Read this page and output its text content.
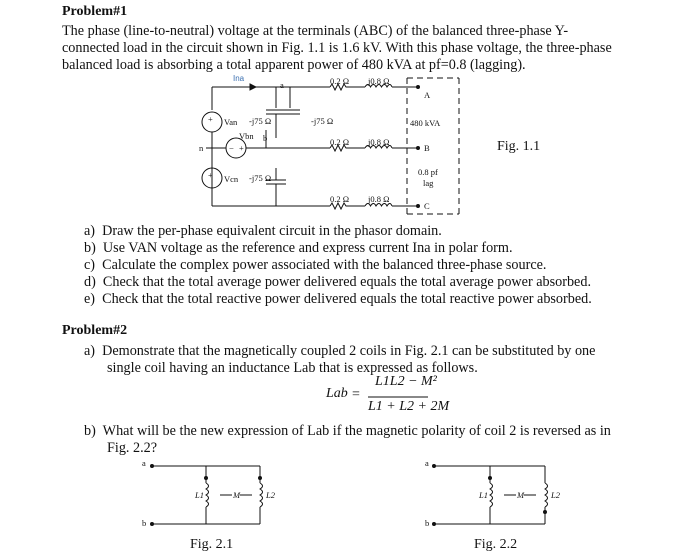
Problem#1
The phase (line-to-neutral) voltage at the terminals (ABC) of the balanced three-phase Y-
connected load in the circuit shown in Fig. 1.1 is 1.6 kV. With this phase voltage, the three-phase
balanced load is absorbing a total apparent power of 480 kVA at pf=0.8 (lagging).
Ina
a	0.2 Ω j0.8 Ω
A
Van -j75 Ω	-j75 Ω	480 kVA
Vbn b	0.2 Ω j0.8 Ω
B
n
+
+
−
Vcn -j75 Ω
+	0.8 pf
lag
0.2 Ω j0.8 Ω
C
Fig. 1.1
a) Draw the per-phase equivalent circuit in the phasor domain.
b) Use VAN voltage as the reference and express current Ina in polar form.
c) Calculate the complex power associated with the balanced three-phase source.
d) Check that the total average power delivered equals the total average power absorbed.
e) Check that the total reactive power delivered equals the total reactive power absorbed.
Problem#2
a) Demonstrate that the magnetically coupled 2 coils in Fig. 2.1 can be substituted by one
single coil having an inductance Lab that is expressed as follows.
Lab =
L1L2 − M²
L1 + L2 + 2M
b) What will be the new expression of Lab if the magnetic polarity of coil 2 is reversed as in
Fig. 2.2?
a
b
L1	M	L2
Fig. 2.1
a
b
L1	M	L2
Fig. 2.2
